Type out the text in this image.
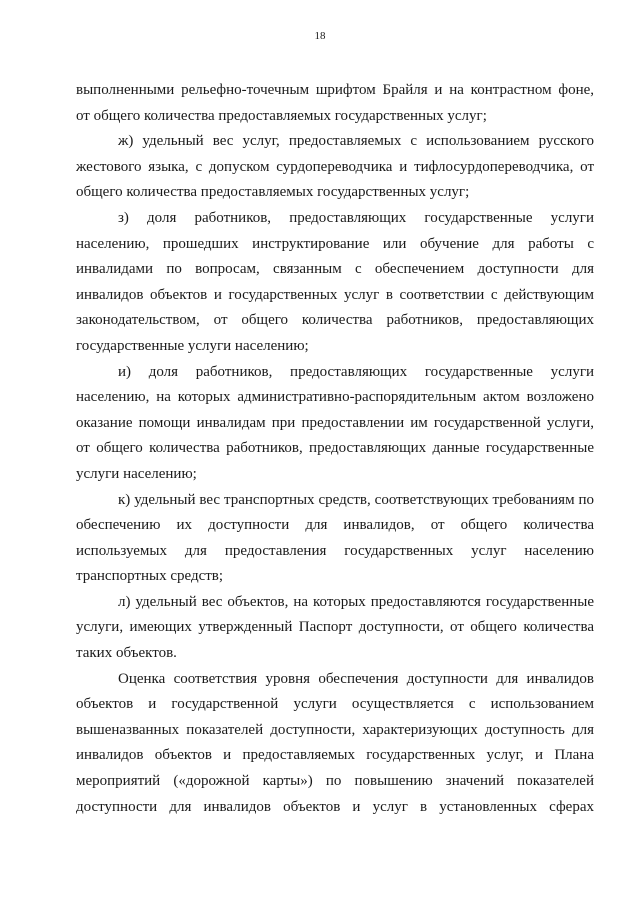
18
выполненными рельефно-точечным шрифтом Брайля и на контрастном фоне,
от общего количества предоставляемых государственных услуг;
ж) удельный вес услуг, предоставляемых с использованием русского
жестового языка, с допуском сурдопереводчика и тифлосурдопереводчика, от
общего количества предоставляемых государственных услуг;
з) доля работников, предоставляющих государственные услуги
населению, прошедших инструктирование или обучение для работы с
инвалидами по вопросам, связанным с обеспечением доступности для
инвалидов объектов и государственных услуг в соответствии с действующим
законодательством, от общего количества работников, предоставляющих
государственные услуги населению;
и) доля работников, предоставляющих государственные услуги
населению, на которых административно-распорядительным актом возложено
оказание помощи инвалидам при предоставлении им государственной услуги,
от общего количества работников, предоставляющих данные государственные
услуги населению;
к) удельный вес транспортных средств, соответствующих требованиям по
обеспечению их доступности для инвалидов, от общего количества
используемых для предоставления государственных услуг населению
транспортных средств;
л) удельный вес объектов, на которых предоставляются государственные
услуги, имеющих утвержденный Паспорт доступности, от общего количества
таких объектов.
Оценка соответствия уровня обеспечения доступности для инвалидов
объектов и государственной услуги осуществляется с использованием
вышеназванных показателей доступности, характеризующих доступность для
инвалидов объектов и предоставляемых государственных услуг, и Плана
мероприятий («дорожной карты») по повышению значений показателей
доступности для инвалидов объектов и услуг в установленных сферах
